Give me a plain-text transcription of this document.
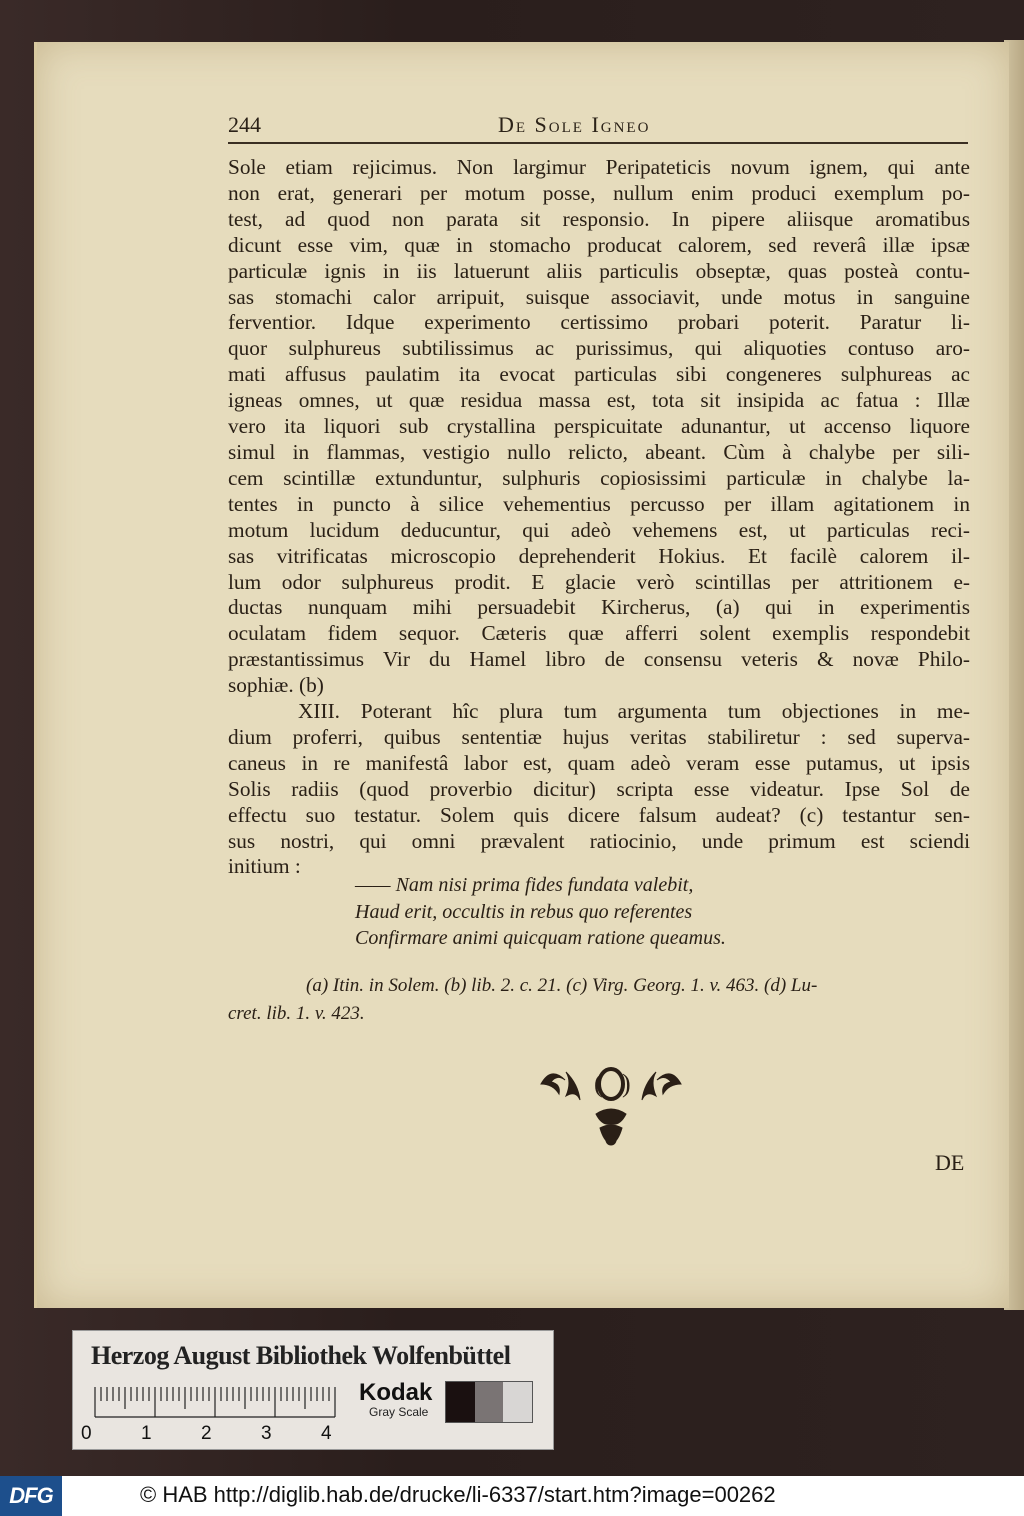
244	De Sole Igneo
Sole etiam rejicimus. Non largimur Peripateticis novum ignem, qui ante
non erat, generari per motum posse, nullum enim produci exemplum po-
test, ad quod non parata sit responsio. In pipere aliisque aromatibus
dicunt esse vim, quæ in stomacho producat calorem, sed reverâ illæ ipsæ
particulæ ignis in iis latuerunt aliis particulis obseptæ, quas posteà contu-
sas stomachi calor arripuit, suisque associavit, unde motus in sanguine
ferventior. Idque experimento certissimo probari poterit. Paratur li-
quor sulphureus subtilissimus ac purissimus, qui aliquoties contuso aro-
mati affusus paulatim ita evocat particulas sibi congeneres sulphureas ac
igneas omnes, ut quæ residua massa est, tota sit insipida ac fatua : Illæ
vero ita liquori sub crystallina perspicuitate adunantur, ut accenso liquore
simul in flammas, vestigio nullo relicto, abeant. Cùm à chalybe per sili-
cem scintillæ extunduntur, sulphuris copiosissimi particulæ in chalybe la-
tentes in puncto à silice vehementius percusso per illam agitationem in
motum lucidum deducuntur, qui adeò vehemens est, ut particulas reci-
sas vitrificatas microscopio deprehenderit Hokius. Et facilè calorem il-
lum odor sulphureus prodit. E glacie verò scintillas per attritionem e-
ductas nunquam mihi persuadebit Kircherus, (a) qui in experimentis
oculatam fidem sequor. Cæteris quæ afferri solent exemplis respondebit
præstantissimus Vir du Hamel libro de consensu veteris & novæ Philo-
sophiæ. (b)
XIII. Poterant hîc plura tum argumenta tum objectiones in me-
dium proferri, quibus sententiæ hujus veritas stabiliretur : sed superva-
caneus in re manifestâ labor est, quam adeò veram esse putamus, ut ipsis
Solis radiis (quod proverbio dicitur) scripta esse videatur. Ipse Sol de
effectu suo testatur. Solem quis dicere falsum audeat? (c) testantur sen-
sus nostri, qui omni prævalent ratiocinio, unde primum est sciendi
initium :
—— Nam nisi prima fides fundata valebit,
Haud erit, occultis in rebus quo referentes
Confirmare animi quicquam ratione queamus.
(a) Itin. in Solem. (b) lib. 2. c. 21. (c) Virg. Georg. 1. v. 463. (d) Lu-
cret. lib. 1. v. 423.
( )
DE
Herzog August Bibliothek Wolfenbüttel
0	1	2	3	4
Kodak
Gray Scale
DFG	© HAB http://diglib.hab.de/drucke/li-6337/start.htm?image=00262
